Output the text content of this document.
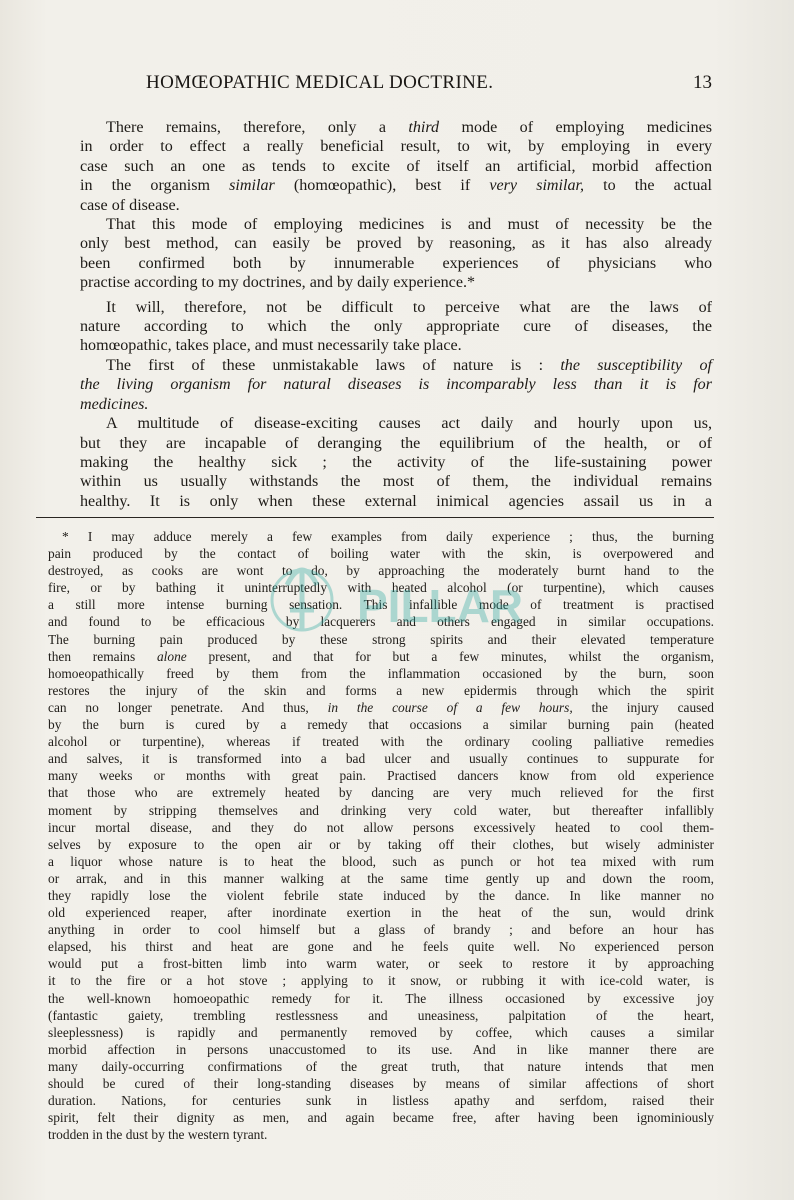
HOMŒOPATHIC MEDICAL DOCTRINE.	13
There remains, therefore, only a third mode of employing medicines
in order to effect a really beneficial result, to wit, by employing in every
case such an one as tends to excite of itself an artificial, morbid affection
in the organism similar (homœopathic), best if very similar, to the actual
case of disease.
That this mode of employing medicines is and must of necessity be the
only best method, can easily be proved by reasoning, as it has also already
been confirmed both by innumerable experiences of physicians who
practise according to my doctrines, and by daily experience.*
It will, therefore, not be difficult to perceive what are the laws of
nature according to which the only appropriate cure of diseases, the
homœopathic, takes place, and must necessarily take place.
The first of these unmistakable laws of nature is : the susceptibility of
the living organism for natural diseases is incomparably less than it is for
medicines.
A multitude of disease-exciting causes act daily and hourly upon us,
but they are incapable of deranging the equilibrium of the health, or of
making the healthy sick ; the activity of the life-sustaining power
within us usually withstands the most of them, the individual remains
healthy. It is only when these external inimical agencies assail us in a
* I may adduce merely a few examples from daily experience ; thus, the burning
pain produced by the contact of boiling water with the skin, is overpowered and
destroyed, as cooks are wont to do, by approaching the moderately burnt hand to the
fire, or by bathing it uninterruptedly with heated alcohol (or turpentine), which causes
a still more intense burning sensation. This infallible mode of treatment is practised
and found to be efficacious by lacquerers and others engaged in similar occupations.
The burning pain produced by these strong spirits and their elevated temperature
then remains alone present, and that for but a few minutes, whilst the organism,
homoeopathically freed by them from the inflammation occasioned by the burn, soon
restores the injury of the skin and forms a new epidermis through which the spirit
can no longer penetrate. And thus, in the course of a few hours, the injury caused
by the burn is cured by a remedy that occasions a similar burning pain (heated
alcohol or turpentine), whereas if treated with the ordinary cooling palliative remedies
and salves, it is transformed into a bad ulcer and usually continues to suppurate for
many weeks or months with great pain. Practised dancers know from old experience
that those who are extremely heated by dancing are very much relieved for the first
moment by stripping themselves and drinking very cold water, but thereafter infallibly
incur mortal disease, and they do not allow persons excessively heated to cool them-
selves by exposure to the open air or by taking off their clothes, but wisely administer
a liquor whose nature is to heat the blood, such as punch or hot tea mixed with rum
or arrak, and in this manner walking at the same time gently up and down the room,
they rapidly lose the violent febrile state induced by the dance. In like manner no
old experienced reaper, after inordinate exertion in the heat of the sun, would drink
anything in order to cool himself but a glass of brandy ; and before an hour has
elapsed, his thirst and heat are gone and he feels quite well. No experienced person
would put a frost-bitten limb into warm water, or seek to restore it by approaching
it to the fire or a hot stove ; applying to it snow, or rubbing it with ice-cold water, is
the well-known homoeopathic remedy for it. The illness occasioned by excessive joy
(fantastic gaiety, trembling restlessness and uneasiness, palpitation of the heart,
sleeplessness) is rapidly and permanently removed by coffee, which causes a similar
morbid affection in persons unaccustomed to its use. And in like manner there are
many daily-occurring confirmations of the great truth, that nature intends that men
should be cured of their long-standing diseases by means of similar affections of short
duration. Nations, for centuries sunk in listless apathy and serfdom, raised their
spirit, felt their dignity as men, and again became free, after having been ignominiously
trodden in the dust by the western tyrant.
PILLAR
